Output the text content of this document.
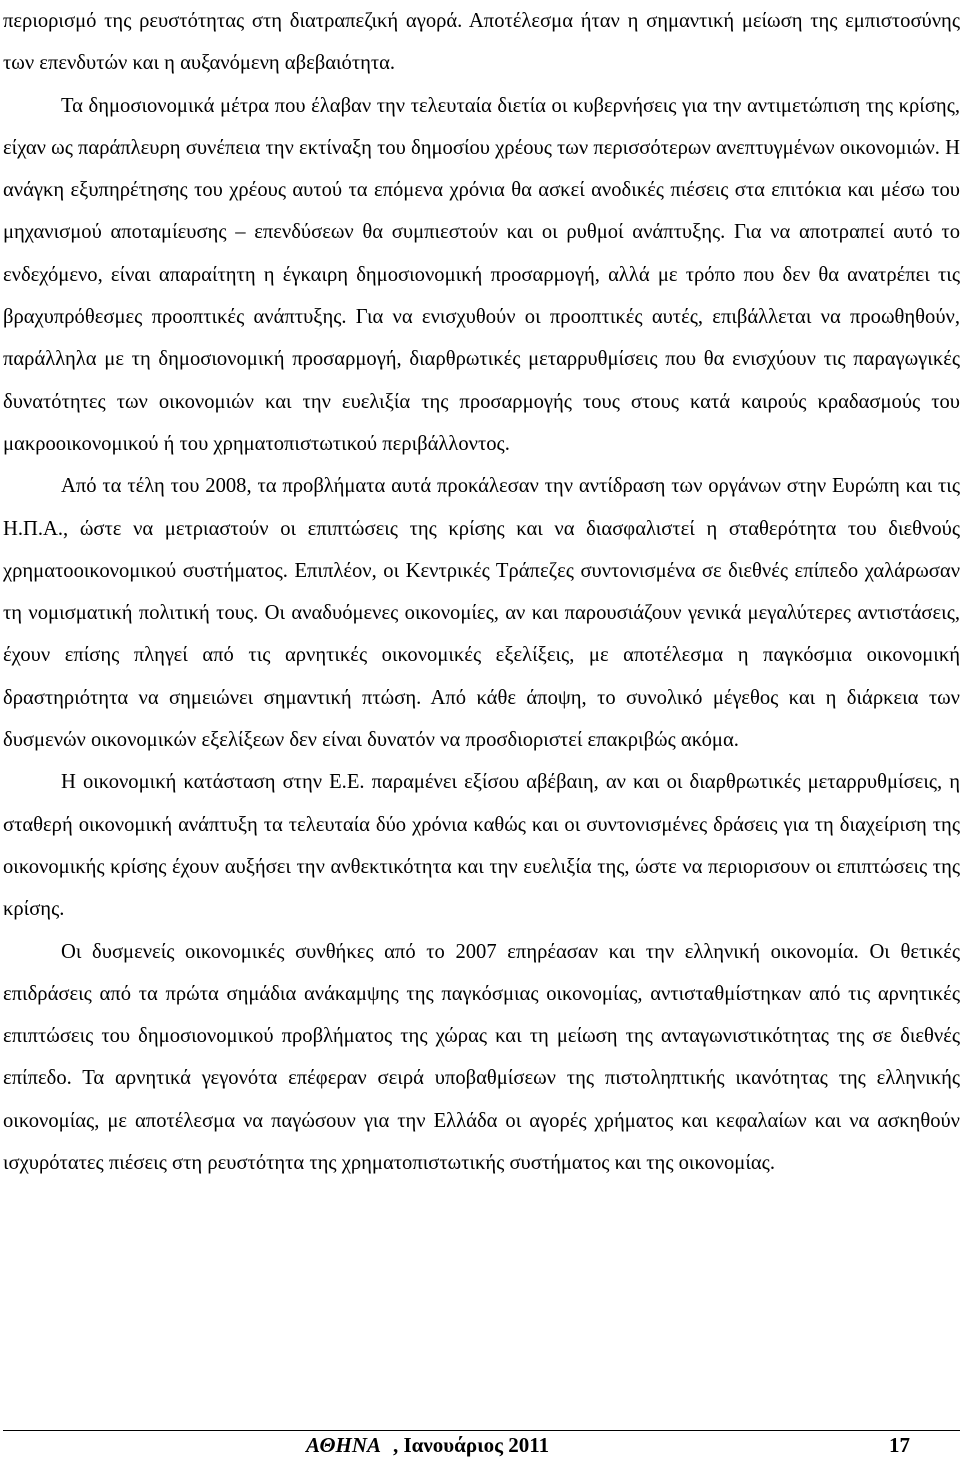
περιορισμό της ρευστότητας στη διατραπεζική αγορά. Αποτέλεσμα ήταν η σημαντική μείωση της εμπιστοσύνης των επενδυτών και η αυξανόμενη αβεβαιότητα.

Τα δημοσιονομικά μέτρα που έλαβαν την τελευταία διετία οι κυβερνήσεις για την αντιμετώπιση της κρίσης, είχαν ως παράπλευρη συνέπεια την εκτίναξη του δημοσίου χρέους των περισσότερων ανεπτυγμένων οικονομιών. Η ανάγκη εξυπηρέτησης του χρέους αυτού τα επόμενα χρόνια θα ασκεί ανοδικές πιέσεις στα επιτόκια και μέσω του μηχανισμού αποταμίευσης – επενδύσεων θα συμπιεστούν και οι ρυθμοί ανάπτυξης. Για να αποτραπεί αυτό το ενδεχόμενο, είναι απαραίτητη η έγκαιρη δημοσιονομική προσαρμογή, αλλά με τρόπο που δεν θα ανατρέπει τις βραχυπρόθεσμες προοπτικές ανάπτυξης. Για να ενισχυθούν οι προοπτικές αυτές, επιβάλλεται να προωθηθούν, παράλληλα με τη δημοσιονομική προσαρμογή, διαρθρωτικές μεταρρυθμίσεις που θα ενισχύουν τις παραγωγικές δυνατότητες των οικονομιών και την ευελιξία της προσαρμογής τους στους κατά καιρούς κραδασμούς του μακροοικονομικού ή του χρηματοπιστωτικού περιβάλλοντος.

Από τα τέλη του 2008, τα προβλήματα αυτά προκάλεσαν την αντίδραση των οργάνων στην Ευρώπη και τις Η.Π.Α., ώστε να μετριαστούν οι επιπτώσεις της κρίσης και να διασφαλιστεί η σταθερότητα του διεθνούς χρηματοοικονομικού συστήματος. Επιπλέον, οι Κεντρικές Τράπεζες συντονισμένα σε διεθνές επίπεδο χαλάρωσαν τη νομισματική πολιτική τους. Οι αναδυόμενες οικονομίες, αν και παρουσιάζουν γενικά μεγαλύτερες αντιστάσεις, έχουν επίσης πληγεί από τις αρνητικές οικονομικές εξελίξεις, με αποτέλεσμα η παγκόσμια οικονομική δραστηριότητα να σημειώνει σημαντική πτώση. Από κάθε άποψη, το συνολικό μέγεθος και η διάρκεια των δυσμενών οικονομικών εξελίξεων δεν είναι δυνατόν να προσδιοριστεί επακριβώς ακόμα.

Η οικονομική κατάσταση στην Ε.Ε. παραμένει εξίσου αβέβαιη, αν και οι διαρθρωτικές μεταρρυθμίσεις, η σταθερή οικονομική ανάπτυξη τα τελευταία δύο χρόνια καθώς και οι συντονισμένες δράσεις για τη διαχείριση της οικονομικής κρίσης έχουν αυξήσει την ανθεκτικότητα και την ευελιξία της, ώστε να περιορισουν οι επιπτώσεις της κρίσης.

Οι δυσμενείς οικονομικές συνθήκες από το 2007 επηρέασαν και την ελληνική οικονομία. Οι θετικές επιδράσεις από τα πρώτα σημάδια ανάκαμψης της παγκόσμιας οικονομίας, αντισταθμίστηκαν από τις αρνητικές επιπτώσεις του δημοσιονομικού προβλήματος της χώρας και τη μείωση της ανταγωνιστικότητας της σε διεθνές επίπεδο. Τα αρνητικά γεγονότα επέφεραν σειρά υποβαθμίσεων της πιστοληπτικής ικανότητας της ελληνικής οικονομίας, με αποτέλεσμα να παγώσουν για την Ελλάδα οι αγορές χρήματος και κεφαλαίων και να ασκηθούν ισχυρότατες πιέσεις στη ρευστότητα της χρηματοπιστωτικής συστήματος και της οικονομίας.

ΑΘΗΝΑ , Ιανουάριος 2011	17
